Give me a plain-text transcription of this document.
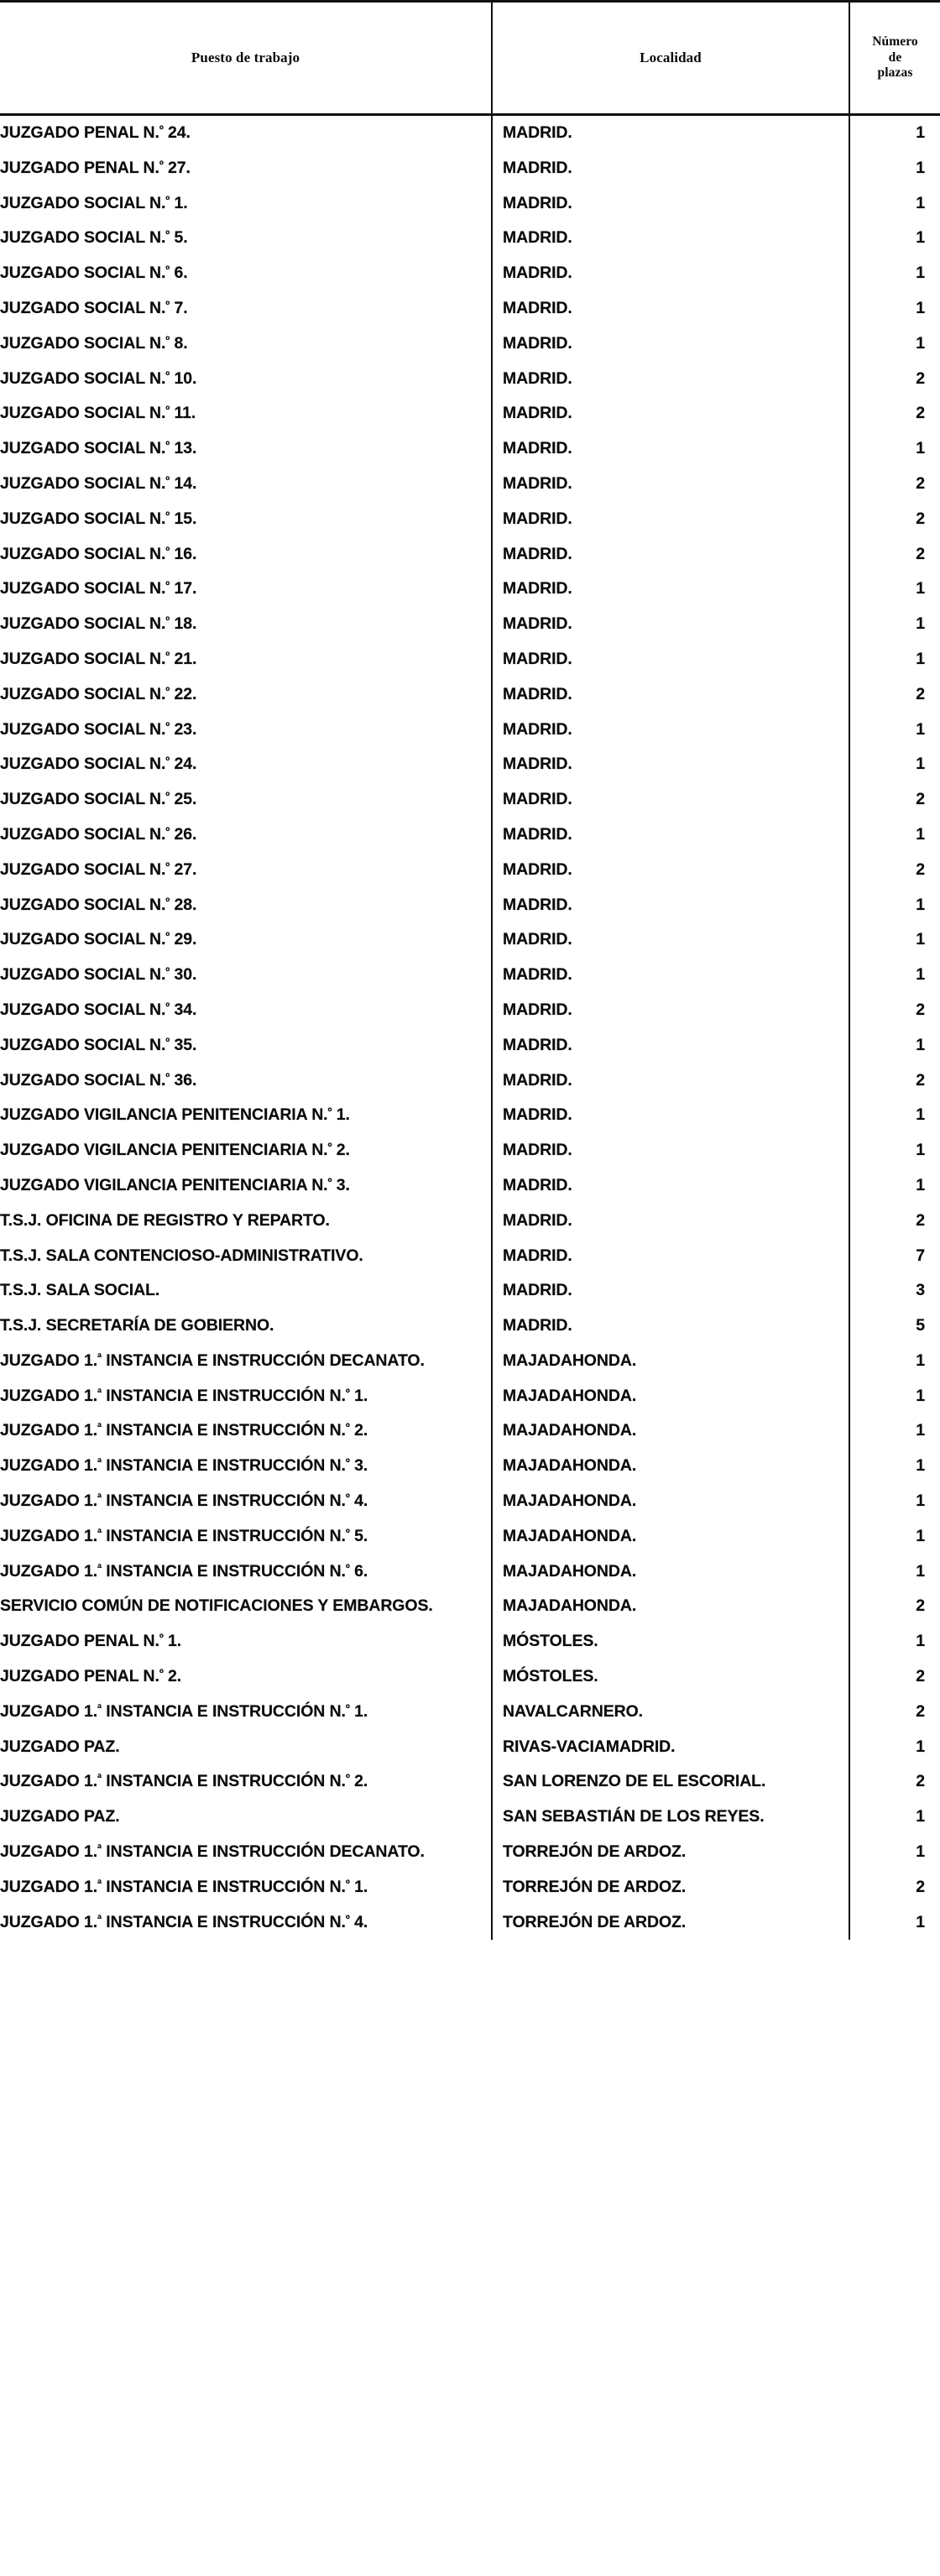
Puesto de trabajo	Localidad	Número
de
plazas

JUZGADO PENAL N.$^º$ 24.	MADRID.	1

JUZGADO PENAL N.$^º$ 27.	MADRID.	1

JUZGADO SOCIAL N.$^º$ 1.	MADRID.	1

JUZGADO SOCIAL N.$^º$ 5.	MADRID.	1

JUZGADO SOCIAL N.$^º$ 6.	MADRID.	1

JUZGADO SOCIAL N.$^º$ 7.	MADRID.	1

JUZGADO SOCIAL N.$^º$ 8.	MADRID.	1

JUZGADO SOCIAL N.$^º$ 10.	MADRID.	2

JUZGADO SOCIAL N.$^º$ 11.	MADRID.	2

JUZGADO SOCIAL N.$^º$ 13.	MADRID.	1

JUZGADO SOCIAL N.$^º$ 14.	MADRID.	2

JUZGADO SOCIAL N.$^º$ 15.	MADRID.	2

JUZGADO SOCIAL N.$^º$ 16.	MADRID.	2

JUZGADO SOCIAL N.$^º$ 17.	MADRID.	1

JUZGADO SOCIAL N.$^º$ 18.	MADRID.	1

JUZGADO SOCIAL N.$^º$ 21.	MADRID.	1

JUZGADO SOCIAL N.$^º$ 22.	MADRID.	2

JUZGADO SOCIAL N.$^º$ 23.	MADRID.	1

JUZGADO SOCIAL N.$^º$ 24.	MADRID.	1

JUZGADO SOCIAL N.$^º$ 25.	MADRID.	2

JUZGADO SOCIAL N.$^º$ 26.	MADRID.	1

JUZGADO SOCIAL N.$^º$ 27.	MADRID.	2

JUZGADO SOCIAL N.$^º$ 28.	MADRID.	1

JUZGADO SOCIAL N.$^º$ 29.	MADRID.	1

JUZGADO SOCIAL N.$^º$ 30.	MADRID.	1

JUZGADO SOCIAL N.$^º$ 34.	MADRID.	2

JUZGADO SOCIAL N.$^º$ 35.	MADRID.	1

JUZGADO SOCIAL N.$^º$ 36.	MADRID.	2

JUZGADO VIGILANCIA PENITENCIARIA N.$^º$ 1.	MADRID.	1

JUZGADO VIGILANCIA PENITENCIARIA N.$^º$ 2.	MADRID.	1

JUZGADO VIGILANCIA PENITENCIARIA N.$^º$ 3.	MADRID.	1

T.S.J. OFICINA DE REGISTRO Y REPARTO.	MADRID.	2

T.S.J. SALA CONTENCIOSO-ADMINISTRATIVO.	MADRID.	7

T.S.J. SALA SOCIAL.	MADRID.	3

T.S.J. SECRETARÍA DE GOBIERNO.	MADRID.	5

JUZGADO 1.$^ª$ INSTANCIA E INSTRUCCIÓN DECANATO.	MAJADAHONDA.	1

JUZGADO 1.$^ª$ INSTANCIA E INSTRUCCIÓN N.$^º$ 1.	MAJADAHONDA.	1

JUZGADO 1.$^ª$ INSTANCIA E INSTRUCCIÓN N.$^º$ 2.	MAJADAHONDA.	1

JUZGADO 1.$^ª$ INSTANCIA E INSTRUCCIÓN N.$^º$ 3.	MAJADAHONDA.	1

JUZGADO 1.$^ª$ INSTANCIA E INSTRUCCIÓN N.$^º$ 4.	MAJADAHONDA.	1

JUZGADO 1.$^ª$ INSTANCIA E INSTRUCCIÓN N.$^º$ 5.	MAJADAHONDA.	1

JUZGADO 1.$^ª$ INSTANCIA E INSTRUCCIÓN N.$^º$ 6.	MAJADAHONDA.	1

SERVICIO COMÚN DE NOTIFICACIONES Y EMBARGOS.	MAJADAHONDA.	2

JUZGADO PENAL N.$^º$ 1.	MÓSTOLES.	1

JUZGADO PENAL N.$^º$ 2.	MÓSTOLES.	2

JUZGADO 1.$^ª$ INSTANCIA E INSTRUCCIÓN N.$^º$ 1.	NAVALCARNERO.	2

JUZGADO PAZ.	RIVAS-VACIAMADRID.	1

JUZGADO 1.$^ª$ INSTANCIA E INSTRUCCIÓN N.$^º$ 2.	SAN LORENZO DE EL ESCORIAL.	2

JUZGADO PAZ.	SAN SEBASTIÁN DE LOS REYES.	1

JUZGADO 1.$^ª$ INSTANCIA E INSTRUCCIÓN DECANATO.	TORREJÓN DE ARDOZ.	1

JUZGADO 1.$^ª$ INSTANCIA E INSTRUCCIÓN N.$^º$ 1.	TORREJÓN DE ARDOZ.	2

JUZGADO 1.$^ª$ INSTANCIA E INSTRUCCIÓN N.$^º$ 4.	TORREJÓN DE ARDOZ.	1
